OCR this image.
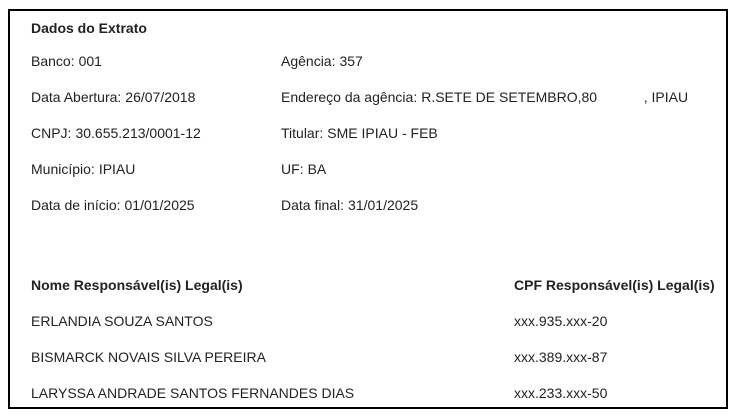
Dados do Extrato
Banco: 001	Agência: 357
Data Abertura: 26/07/2018	Endereço da agência: R.SETE DE SETEMBRO,80            , IPIAU
CNPJ: 30.655.213/0001-12	Titular: SME IPIAU - FEB
Município: IPIAU	UF: BA
Data de início: 01/01/2025	Data final: 31/01/2025
Nome Responsável(is) Legal(is)	CPF Responsável(is) Legal(is)
ERLANDIA SOUZA SANTOS	xxx.935.xxx-20
BISMARCK NOVAIS SILVA PEREIRA	xxx.389.xxx-87
LARYSSA ANDRADE SANTOS FERNANDES DIAS	xxx.233.xxx-50
